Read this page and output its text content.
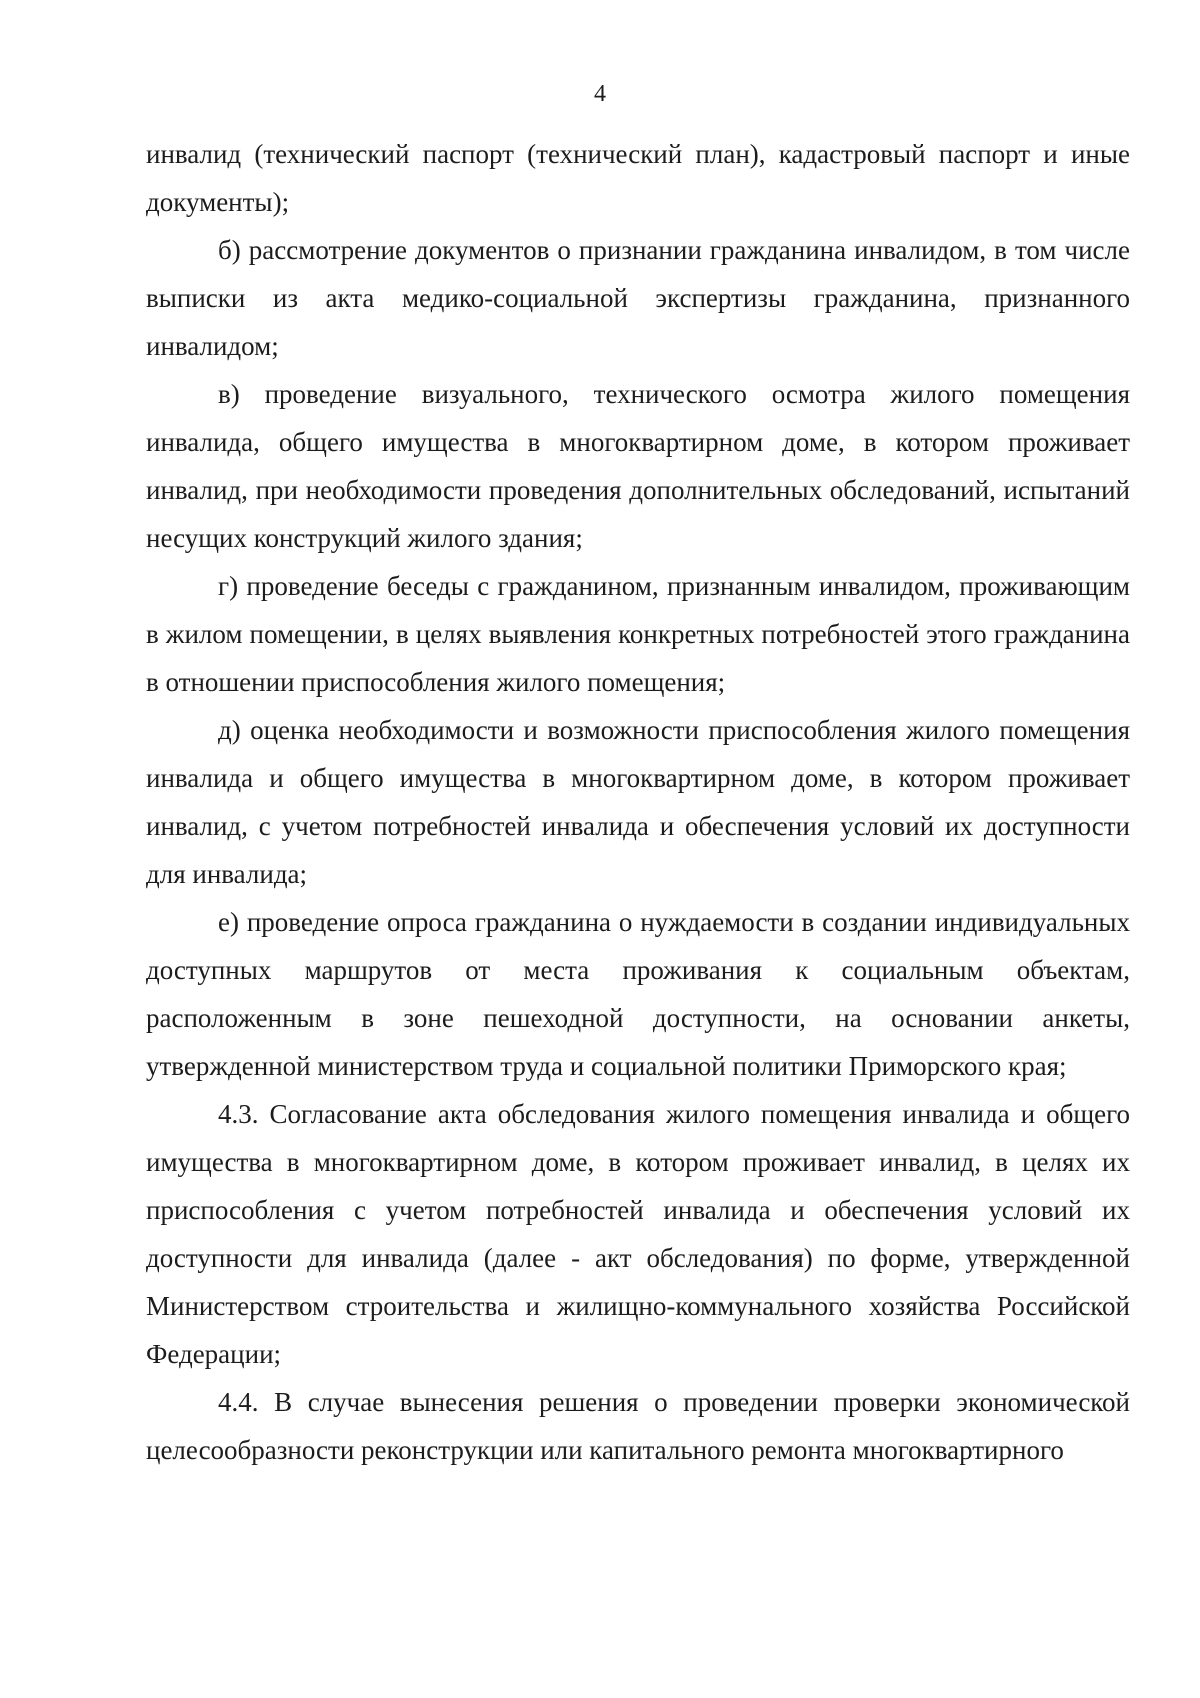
4

инвалид (технический паспорт (технический план), кадастровый паспорт и иные документы);

б) рассмотрение документов о признании гражданина инвалидом, в том числе выписки из акта медико-социальной экспертизы гражданина, признанного инвалидом;

в) проведение визуального, технического осмотра жилого помещения инвалида, общего имущества в многоквартирном доме, в котором проживает инвалид, при необходимости проведения дополнительных обследований, испытаний несущих конструкций жилого здания;

г) проведение беседы с гражданином, признанным инвалидом, проживающим в жилом помещении, в целях выявления конкретных потребностей этого гражданина в отношении приспособления жилого помещения;

д) оценка необходимости и возможности приспособления жилого помещения инвалида и общего имущества в многоквартирном доме, в котором проживает инвалид, с учетом потребностей инвалида и обеспечения условий их доступности для инвалида;

е) проведение опроса гражданина о нуждаемости в создании индивидуальных доступных маршрутов от места проживания к социальным объектам, расположенным в зоне пешеходной доступности, на основании анкеты, утвержденной министерством труда и социальной политики Приморского края;

4.3. Согласование акта обследования жилого помещения инвалида и общего имущества в многоквартирном доме, в котором проживает инвалид, в целях их приспособления с учетом потребностей инвалида и обеспечения условий их доступности для инвалида (далее - акт обследования) по форме, утвержденной Министерством строительства и жилищно-коммунального хозяйства Российской Федерации;

4.4. В случае вынесения решения о проведении проверки экономической целесообразности реконструкции или капитального ремонта многоквартирного
